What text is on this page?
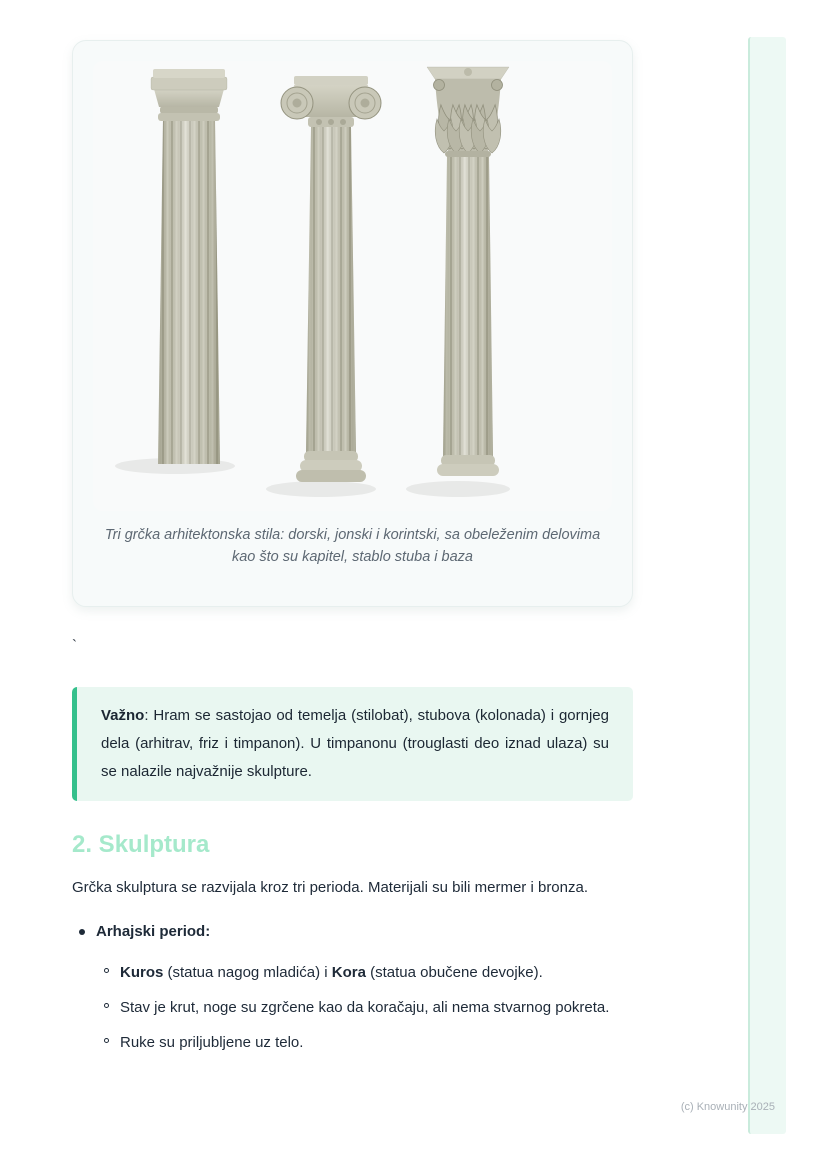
Tri grčka arhitektonska stila: dorski, jonski i korintski, sa obeleženim delovima kao što su kapitel, stablo stuba i baza
`
Važno: Hram se sastojao od temelja (stilobat), stubova (kolonada) i gornjeg dela (arhitrav, friz i timpanon). U timpanonu (trouglasti deo iznad ulaza) su se nalazile najvažnije skulpture.
2. Skulptura

Grčka skulptura se razvijala kroz tri perioda. Materijali su bili mermer i bronza.

Arhajski period:
Kuros (statua nagog mladića) i Kora (statua obučene devojke).
Stav je krut, noge su zgrčene kao da koračaju, ali nema stvarnog pokreta.
Ruke su priljubljene uz telo.
(c) Knowunity 2025
